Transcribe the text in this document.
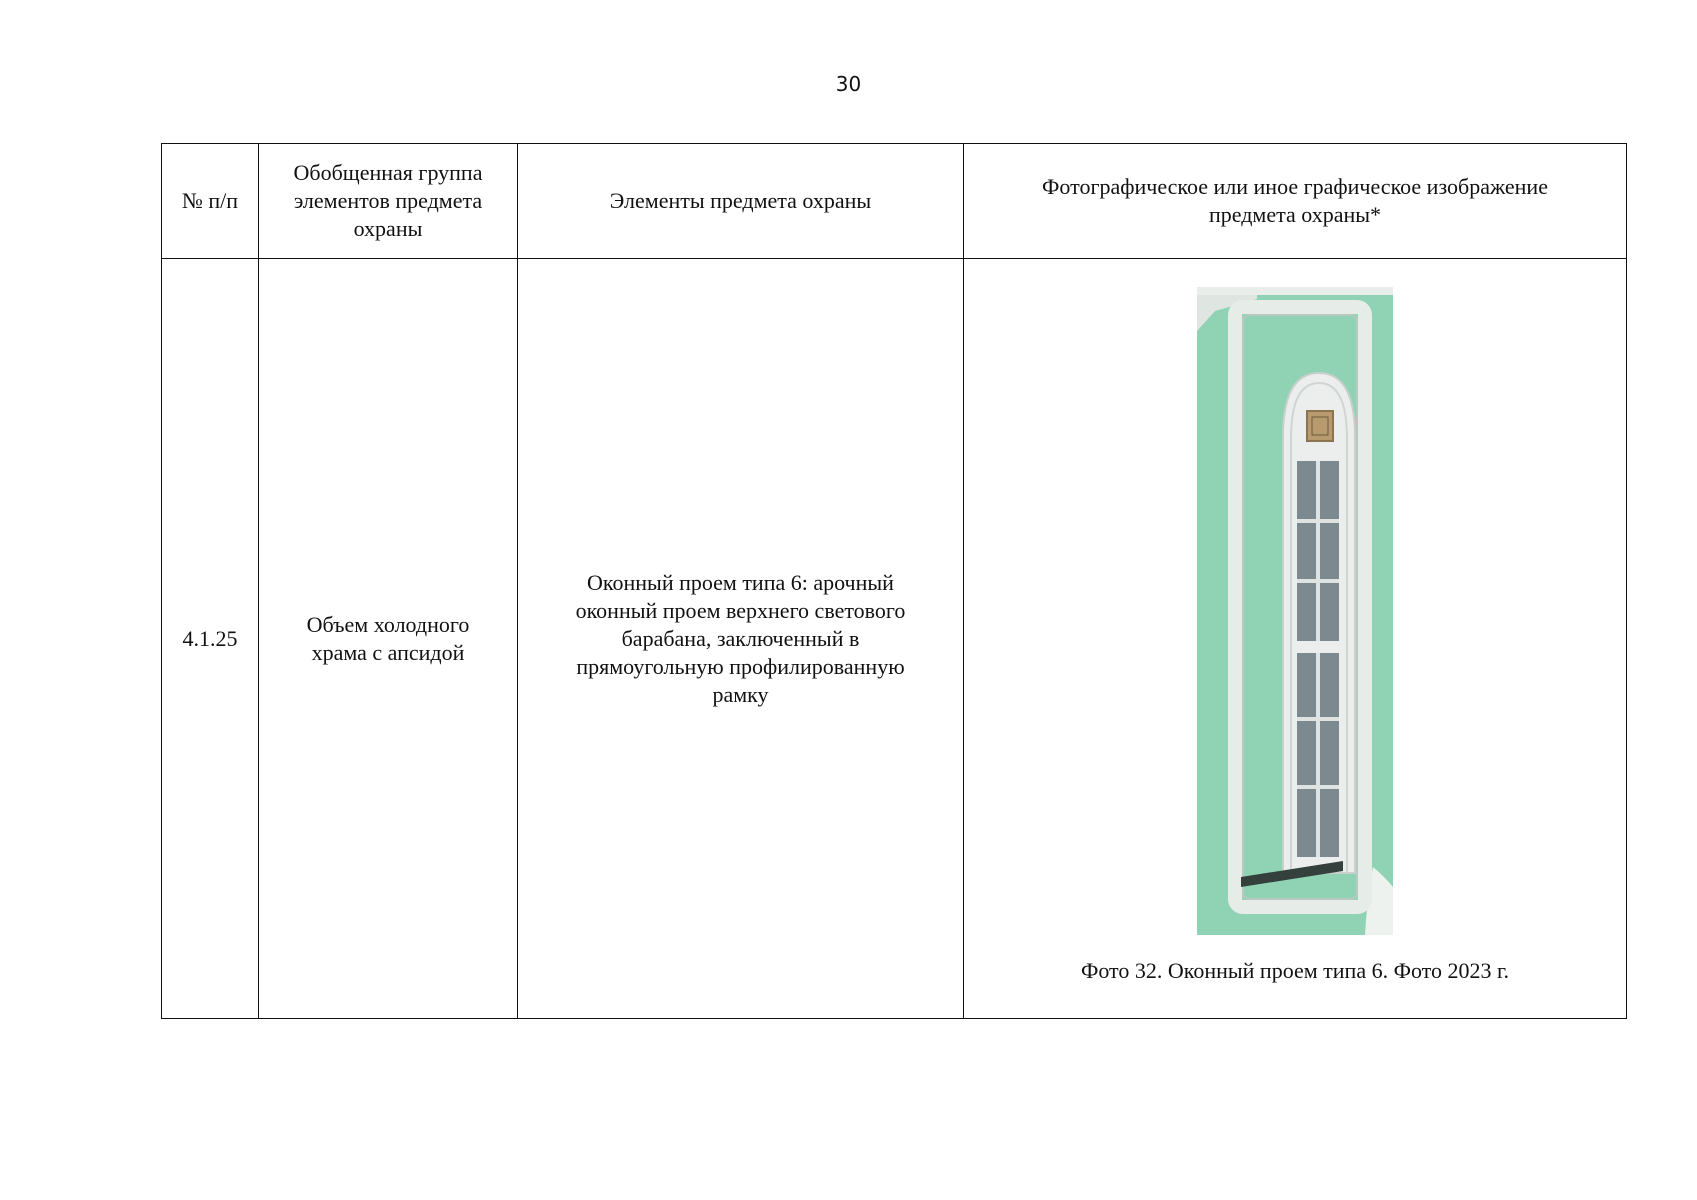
30
№ п/п	Обобщенная группа элементов предмета охраны	Элементы предмета охраны	Фотографическое или иное графическое изображение предмета охраны*
4.1.25	Объем холодного храма с апсидой	Оконный проем типа 6: арочный оконный проем верхнего светового барабана, заключенный в прямоугольную профилированную рамку	Фото 32. Оконный проем типа 6. Фото 2023 г.
